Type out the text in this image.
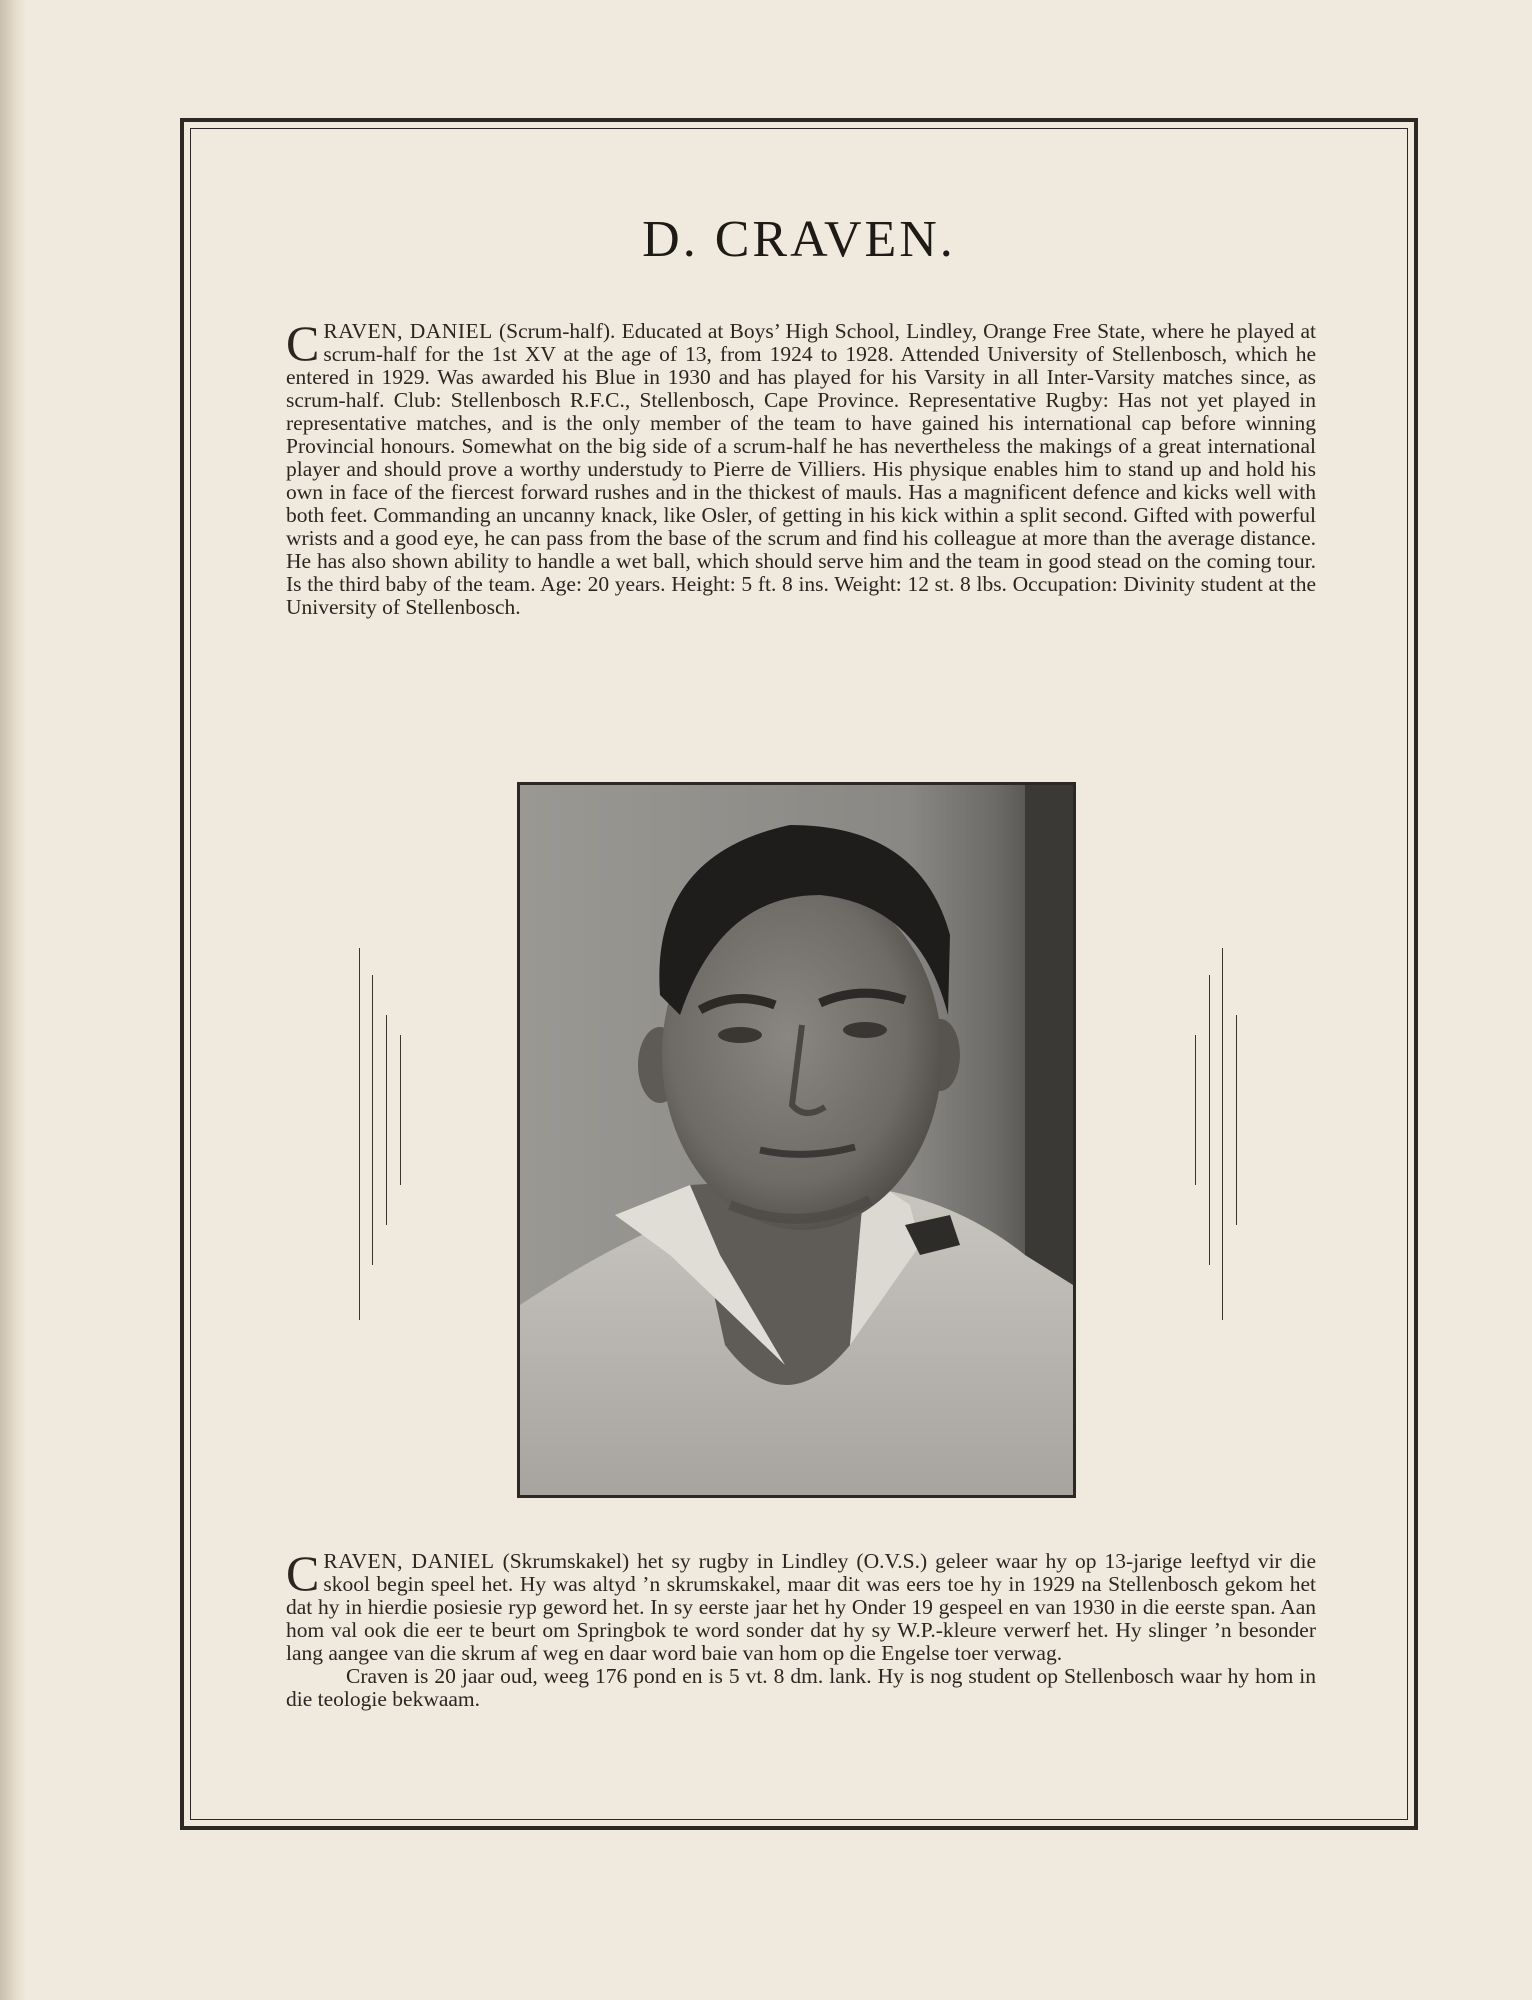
D. CRAVEN.

CRAVEN, DANIEL (Scrum-half). Educated at Boys’ High School, Lindley, Orange Free State, where he played at scrum-half for the 1st XV at the age of 13, from 1924 to 1928. Attended University of Stellenbosch, which he entered in 1929. Was awarded his Blue in 1930 and has played for his Varsity in all Inter-Varsity matches since, as scrum-half. Club: Stellenbosch R.F.C., Stellenbosch, Cape Province. Representative Rugby: Has not yet played in representative matches, and is the only member of the team to have gained his international cap before winning Provincial honours. Somewhat on the big side of a scrum-half he has nevertheless the makings of a great international player and should prove a worthy understudy to Pierre de Villiers. His physique enables him to stand up and hold his own in face of the fiercest forward rushes and in the thickest of mauls. Has a magnificent defence and kicks well with both feet. Commanding an uncanny knack, like Osler, of getting in his kick within a split second. Gifted with powerful wrists and a good eye, he can pass from the base of the scrum and find his colleague at more than the average distance. He has also shown ability to handle a wet ball, which should serve him and the team in good stead on the coming tour. Is the third baby of the team. Age: 20 years. Height: 5 ft. 8 ins. Weight: 12 st. 8 lbs. Occupation: Divinity student at the University of Stellenbosch.

CRAVEN, DANIEL (Skrumskakel) het sy rugby in Lindley (O.V.S.) geleer waar hy op 13-jarige leeftyd vir die skool begin speel het. Hy was altyd ’n skrumskakel, maar dit was eers toe hy in 1929 na Stellenbosch gekom het dat hy in hierdie posiesie ryp geword het. In sy eerste jaar het hy Onder 19 gespeel en van 1930 in die eerste span. Aan hom val ook die eer te beurt om Springbok te word sonder dat hy sy W.P.-kleure verwerf het. Hy slinger ’n besonder lang aangee van die skrum af weg en daar word baie van hom op die Engelse toer verwag.
Craven is 20 jaar oud, weeg 176 pond en is 5 vt. 8 dm. lank. Hy is nog student op Stellenbosch waar hy hom in die teologie bekwaam.
